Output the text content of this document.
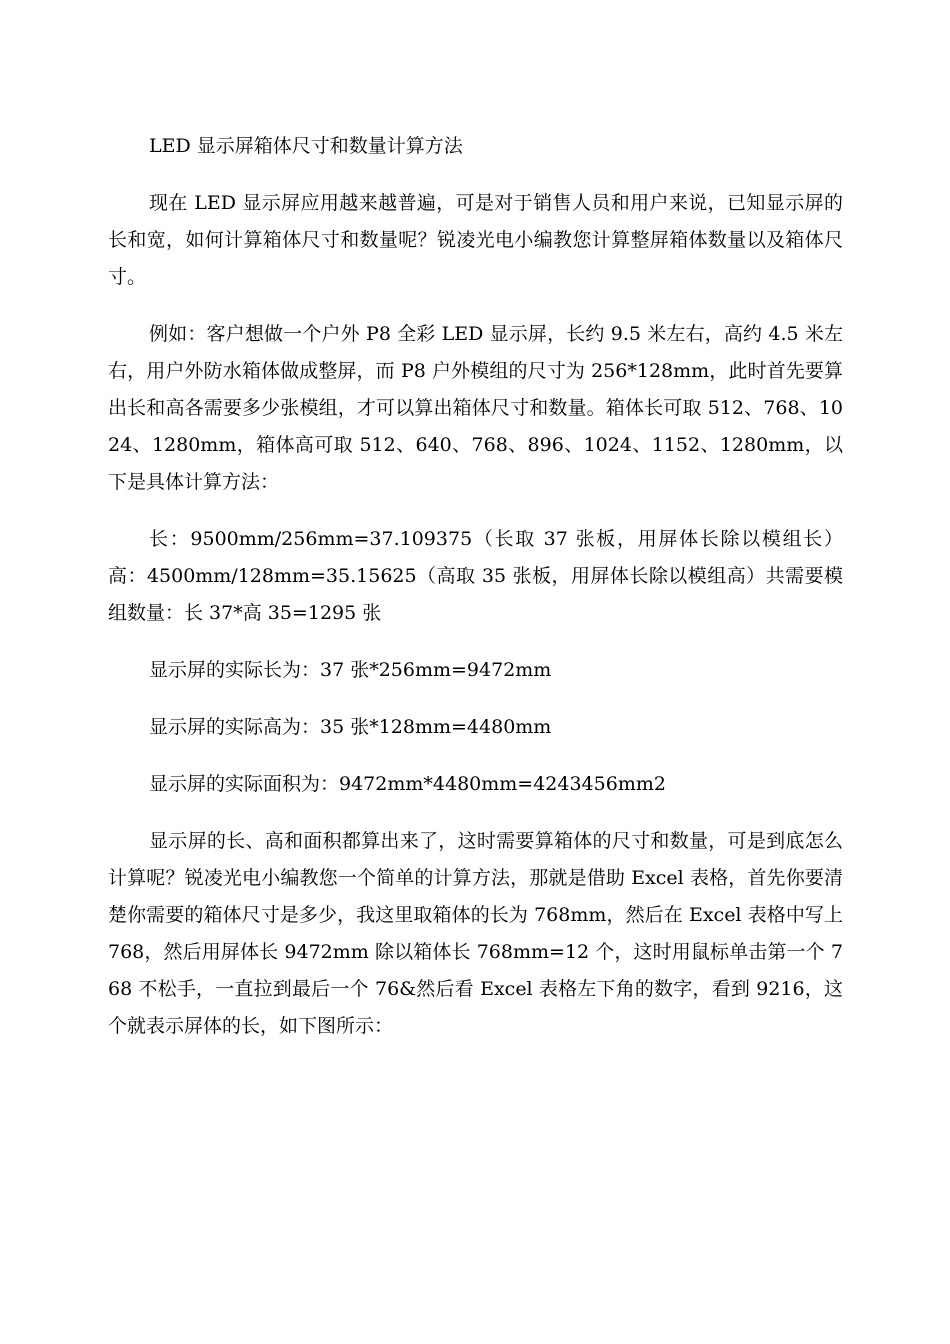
LED 显示屏箱体尺寸和数量计算方法

现在 LED 显示屏应用越来越普遍，可是对于销售人员和用户来说，已知显示屏的长和宽，如何计算箱体尺寸和数量呢？锐凌光电小编教您计算整屏箱体数量以及箱体尺寸。

例如：客户想做一个户外 P8 全彩 LED 显示屏，长约 9.5 米左右，高约 4.5 米左右，用户外防水箱体做成整屏，而 P8 户外模组的尺寸为 256*128mm，此时首先要算出长和高各需要多少张模组，才可以算出箱体尺寸和数量。箱体长可取 512、768、1024、1280mm，箱体高可取 512、640、768、896、1024、1152、1280mm，以下是具体计算方法：

长：9500mm/256mm=37.109375（长取 37 张板，用屏体长除以模组长）高：4500mm/128mm=35.15625（高取 35 张板，用屏体长除以模组高）共需要模组数量：长 37*高 35=1295 张

显示屏的实际长为：37 张*256mm=9472mm

显示屏的实际高为：35 张*128mm=4480mm

显示屏的实际面积为：9472mm*4480mm=4243456mm2

显示屏的长、高和面积都算出来了，这时需要算箱体的尺寸和数量，可是到底怎么计算呢？锐凌光电小编教您一个简单的计算方法，那就是借助 Excel 表格，首先你要清楚你需要的箱体尺寸是多少，我这里取箱体的长为 768mm，然后在 Excel 表格中写上 768，然后用屏体长 9472mm 除以箱体长 768mm=12 个，这时用鼠标单击第一个 768 不松手，一直拉到最后一个 76&然后看 Excel 表格左下角的数字，看到 9216，这个就表示屏体的长，如下图所示：
